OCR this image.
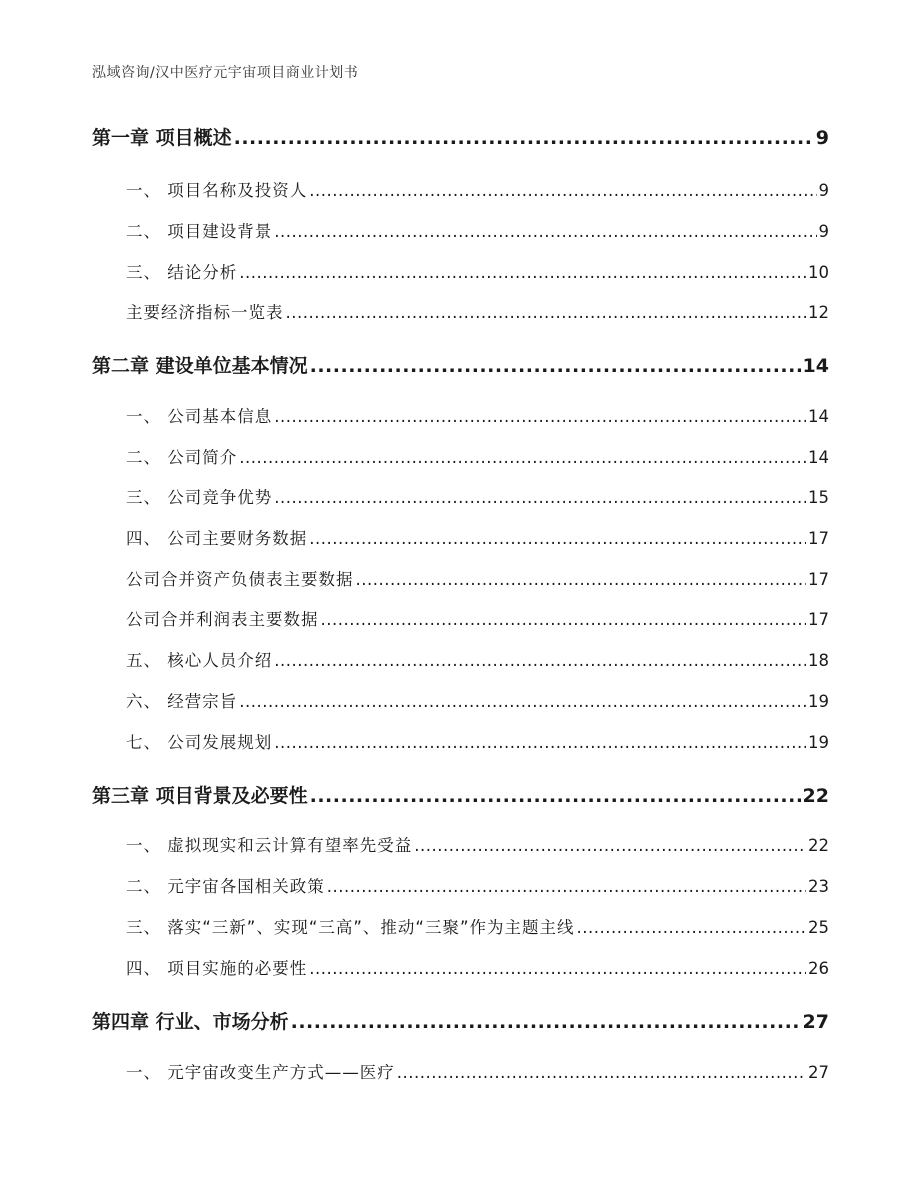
泓域咨询/汉中医疗元宇宙项目商业计划书
第一章 项目概述 .....	9
一、 项目名称及投资人 .....	9
二、 项目建设背景 .....	9
三、 结论分析 .....	10
主要经济指标一览表 .....	12
第二章 建设单位基本情况 .....	14
一、 公司基本信息 .....	14
二、 公司简介 .....	14
三、 公司竞争优势 .....	15
四、 公司主要财务数据 .....	17
公司合并资产负债表主要数据 .....	17
公司合并利润表主要数据 .....	17
五、 核心人员介绍 .....	18
六、 经营宗旨 .....	19
七、 公司发展规划 .....	19
第三章 项目背景及必要性 .....	22
一、 虚拟现实和云计算有望率先受益 .....	22
二、 元宇宙各国相关政策 .....	23
三、 落实“三新”、实现“三高”、推动“三聚”作为主题主线 .....	25
四、 项目实施的必要性 .....	26
第四章 行业、市场分析 .....	27
一、 元宇宙改变生产方式——医疗 .....	27
